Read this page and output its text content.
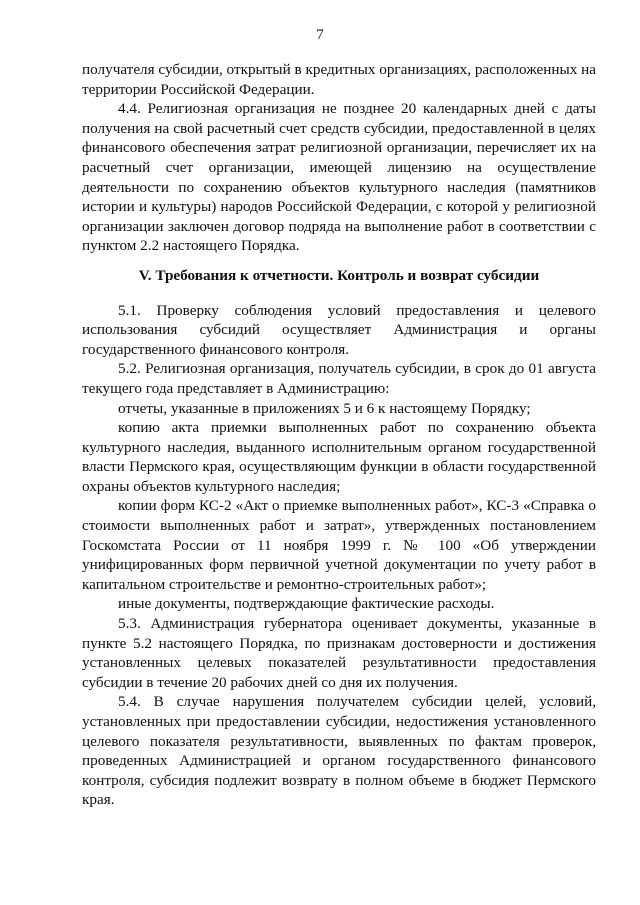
7

получателя субсидии, открытый в кредитных организациях, расположенных на территории Российской Федерации.

4.4. Религиозная организация не позднее 20 календарных дней с даты получения на свой расчетный счет средств субсидии, предоставленной в целях финансового обеспечения затрат религиозной организации, перечисляет их на расчетный счет организации, имеющей лицензию на осуществление деятельности по сохранению объектов культурного наследия (памятников истории и культуры) народов Российской Федерации, с которой у религиозной организации заключен договор подряда на выполнение работ в соответствии с пунктом 2.2 настоящего Порядка.

V. Требования к отчетности. Контроль и возврат субсидии

5.1. Проверку соблюдения условий предоставления и целевого использования субсидий осуществляет Администрация и органы государственного финансового контроля.

5.2. Религиозная организация, получатель субсидии, в срок до 01 августа текущего года представляет в Администрацию:

отчеты, указанные в приложениях 5 и 6 к настоящему Порядку;

копию акта приемки выполненных работ по сохранению объекта культурного наследия, выданного исполнительным органом государственной власти Пермского края, осуществляющим функции в области государственной охраны объектов культурного наследия;

копии форм КС-2 «Акт о приемке выполненных работ», КС-3 «Справка о стоимости выполненных работ и затрат», утвержденных постановлением Госкомстата России от 11 ноября 1999 г. № 100 «Об утверждении унифицированных форм первичной учетной документации по учету работ в капитальном строительстве и ремонтно-строительных работ»;

иные документы, подтверждающие фактические расходы.

5.3. Администрация губернатора оценивает документы, указанные в пункте 5.2 настоящего Порядка, по признакам достоверности и достижения установленных целевых показателей результативности предоставления субсидии в течение 20 рабочих дней со дня их получения.

5.4. В случае нарушения получателем субсидии целей, условий, установленных при предоставлении субсидии, недостижения установленного целевого показателя результативности, выявленных по фактам проверок, проведенных Администрацией и органом государственного финансового контроля, субсидия подлежит возврату в полном объеме в бюджет Пермского края.
